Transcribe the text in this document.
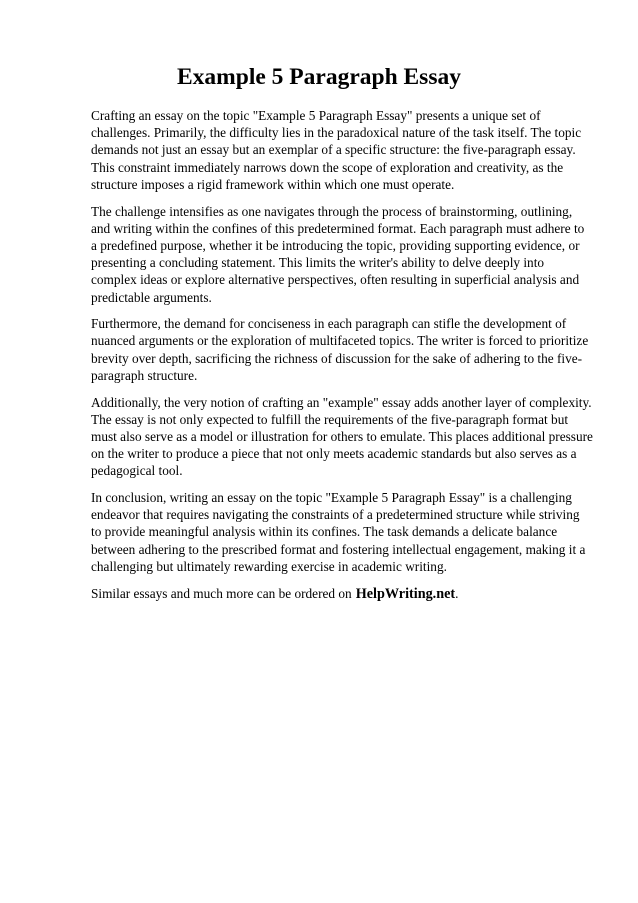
Example 5 Paragraph Essay

Crafting an essay on the topic "Example 5 Paragraph Essay" presents a unique set of challenges. Primarily, the difficulty lies in the paradoxical nature of the task itself. The topic demands not just an essay but an exemplar of a specific structure: the five-paragraph essay. This constraint immediately narrows down the scope of exploration and creativity, as the structure imposes a rigid framework within which one must operate.

The challenge intensifies as one navigates through the process of brainstorming, outlining, and writing within the confines of this predetermined format. Each paragraph must adhere to a predefined purpose, whether it be introducing the topic, providing supporting evidence, or presenting a concluding statement. This limits the writer's ability to delve deeply into complex ideas or explore alternative perspectives, often resulting in superficial analysis and predictable arguments.

Furthermore, the demand for conciseness in each paragraph can stifle the development of nuanced arguments or the exploration of multifaceted topics. The writer is forced to prioritize brevity over depth, sacrificing the richness of discussion for the sake of adhering to the five-paragraph structure.

Additionally, the very notion of crafting an "example" essay adds another layer of complexity. The essay is not only expected to fulfill the requirements of the five-paragraph format but must also serve as a model or illustration for others to emulate. This places additional pressure on the writer to produce a piece that not only meets academic standards but also serves as a pedagogical tool.

In conclusion, writing an essay on the topic "Example 5 Paragraph Essay" is a challenging endeavor that requires navigating the constraints of a predetermined structure while striving to provide meaningful analysis within its confines. The task demands a delicate balance between adhering to the prescribed format and fostering intellectual engagement, making it a challenging but ultimately rewarding exercise in academic writing.

Similar essays and much more can be ordered on HelpWriting.net.
